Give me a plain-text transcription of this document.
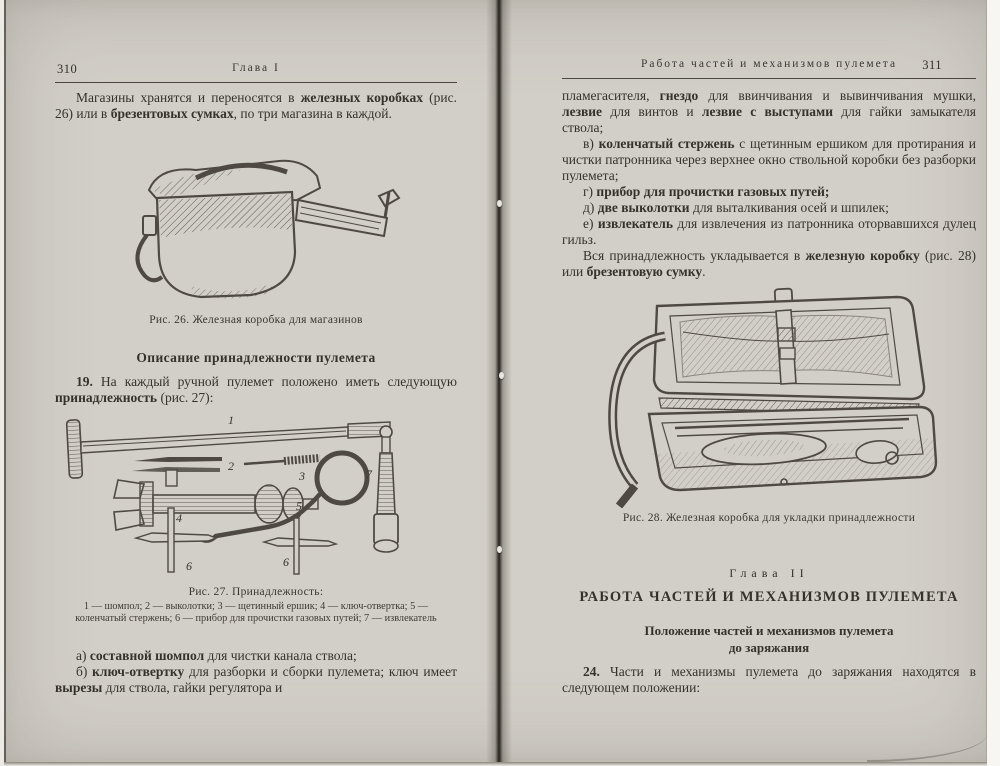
310	Глава I

Магазины хранятся и переносятся в железных коробках (рис. 26) или в брезентовых сумках, по три магазина в каждой.

Рис. 26. Железная коробка для магазинов
Описание принадлежности пулемета

19. На каждый ручной пулемет положено иметь следующую принадлежность (рис. 27):

1
2
3
4
5
6	6
7
Рис. 27. Принадлежность:
1 — шомпол; 2 — выколотки; 3 — щетинный ершик; 4 — ключ-отвертка; 5 — коленчатый стержень; 6 — прибор для прочистки газовых путей; 7 — извлекатель

а) составной шомпол для чистки канала ствола;

б) ключ-отвертку для разборки и сборки пулемета; ключ имеет вырезы для ствола, гайки регулятора и

Работа частей и механизмов пулемета	311

пламегасителя, гнездо для ввинчивания и вывинчивания мушки, лезвие для винтов и лезвие с выступами для гайки замыкателя ствола;

в) коленчатый стержень с щетинным ершиком для протирания и чистки патронника через верхнее окно ствольной коробки без разборки пулемета;

г) прибор для прочистки газовых путей;

д) две выколотки для выталкивания осей и шпилек;

е) извлекатель для извлечения из патронника оторвавшихся дулец гильз.

Вся принадлежность укладывается в железную коробку (рис. 28) или брезентовую сумку.

Рис. 28. Железная коробка для укладки принадлежности
Глава II
РАБОТА ЧАСТЕЙ И МЕХАНИЗМОВ ПУЛЕМЕТА
Положение частей и механизмов пулемета
до заряжания

24. Части и механизмы пулемета до заряжания находятся в следующем положении:
